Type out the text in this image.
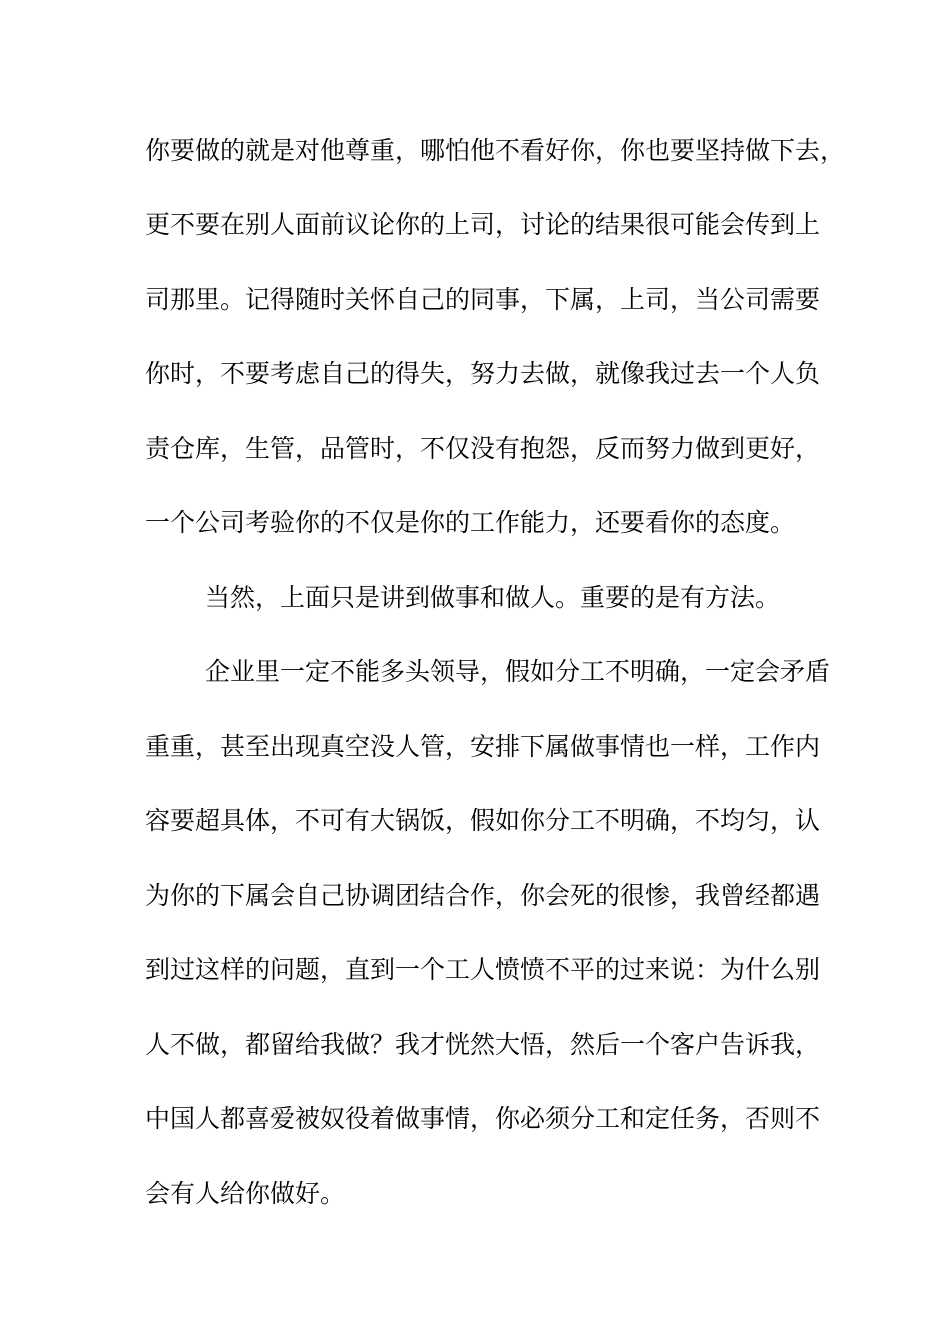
你要做的就是对他尊重，哪怕他不看好你，你也要坚持做下去，
更不要在别人面前议论你的上司，讨论的结果很可能会传到上
司那里。记得随时关怀自己的同事，下属，上司，当公司需要
你时，不要考虑自己的得失，努力去做，就像我过去一个人负
责仓库，生管，品管时，不仅没有抱怨，反而努力做到更好，
一个公司考验你的不仅是你的工作能力，还要看你的态度。
当然，上面只是讲到做事和做人。重要的是有方法。
企业里一定不能多头领导，假如分工不明确，一定会矛盾
重重，甚至出现真空没人管，安排下属做事情也一样，工作内
容要超具体，不可有大锅饭，假如你分工不明确，不均匀，认
为你的下属会自己协调团结合作，你会死的很惨，我曾经都遇
到过这样的问题，直到一个工人愤愤不平的过来说：为什么别
人不做，都留给我做？我才恍然大悟，然后一个客户告诉我，
中国人都喜爱被奴役着做事情，你必须分工和定任务，否则不
会有人给你做好。
